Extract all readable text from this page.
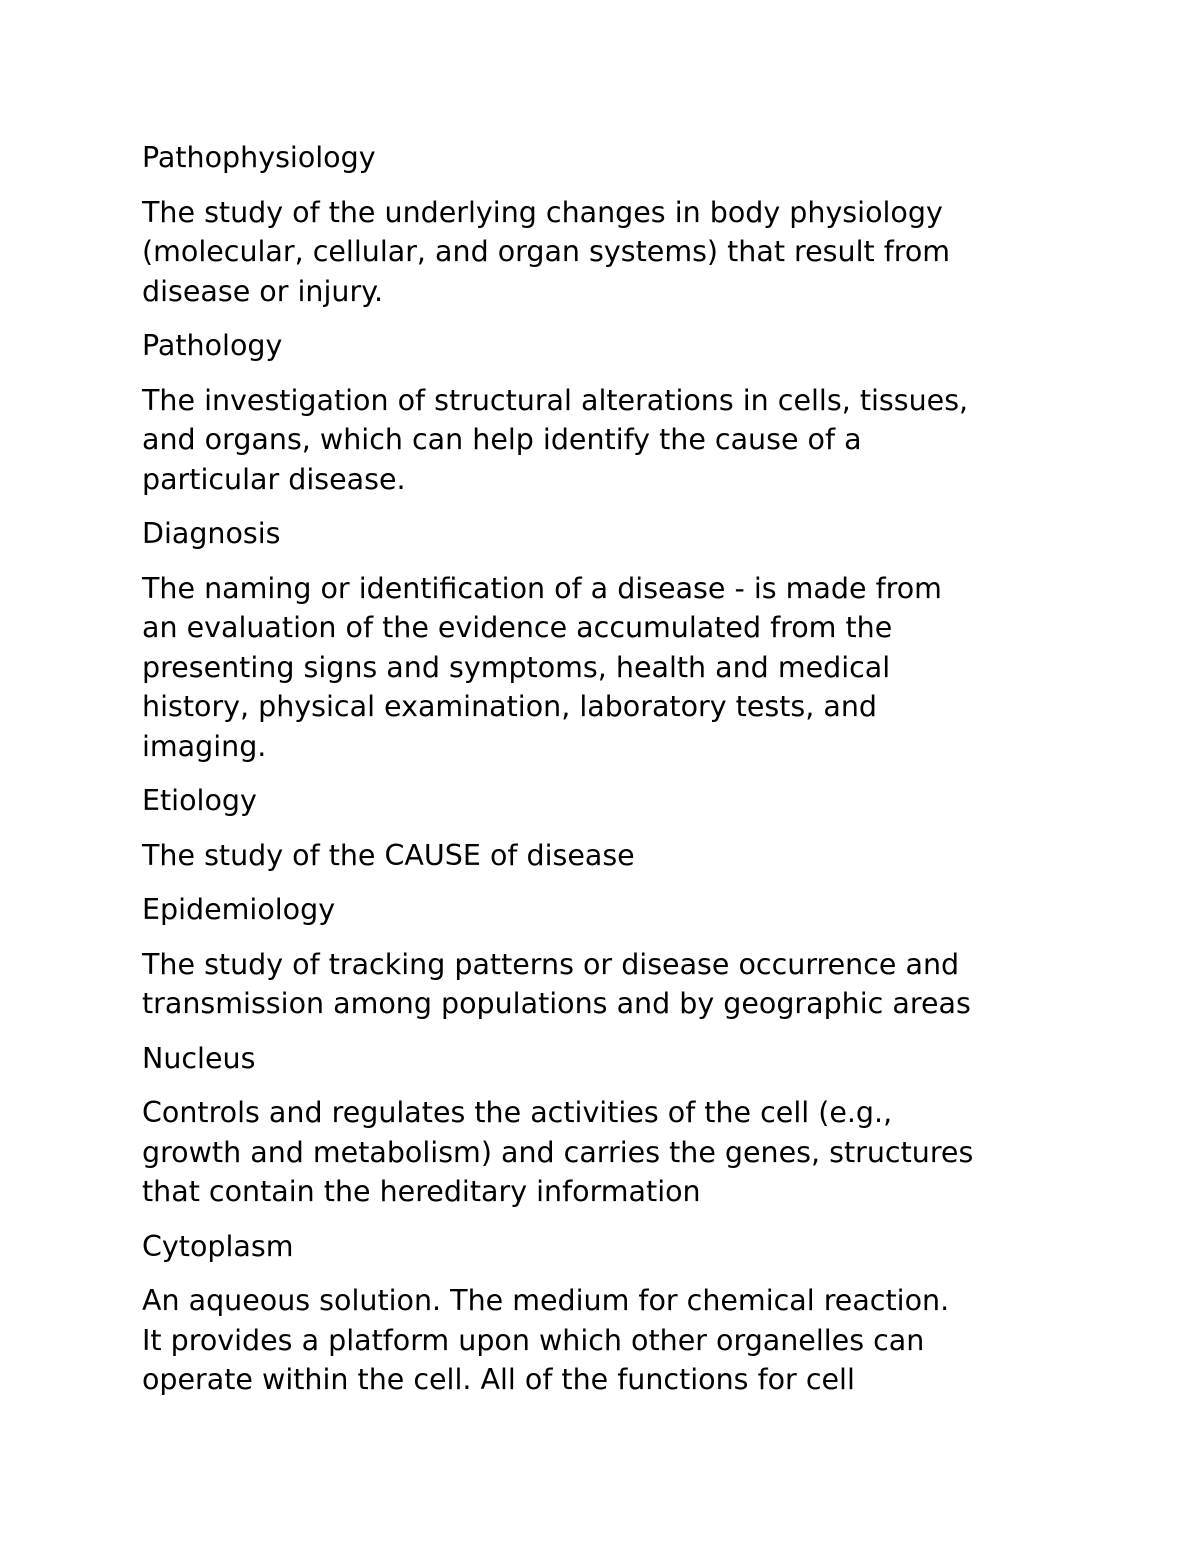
Pathophysiology
The study of the underlying changes in body physiology
(molecular, cellular, and organ systems) that result from
disease or injury.
Pathology
The investigation of structural alterations in cells, tissues,
and organs, which can help identify the cause of a
particular disease.
Diagnosis
The naming or identification of a disease - is made from
an evaluation of the evidence accumulated from the
presenting signs and symptoms, health and medical
history, physical examination, laboratory tests, and
imaging.
Etiology
The study of the CAUSE of disease
Epidemiology
The study of tracking patterns or disease occurrence and
transmission among populations and by geographic areas
Nucleus
Controls and regulates the activities of the cell (e.g.,
growth and metabolism) and carries the genes, structures
that contain the hereditary information
Cytoplasm
An aqueous solution. The medium for chemical reaction.
It provides a platform upon which other organelles can
operate within the cell. All of the functions for cell
